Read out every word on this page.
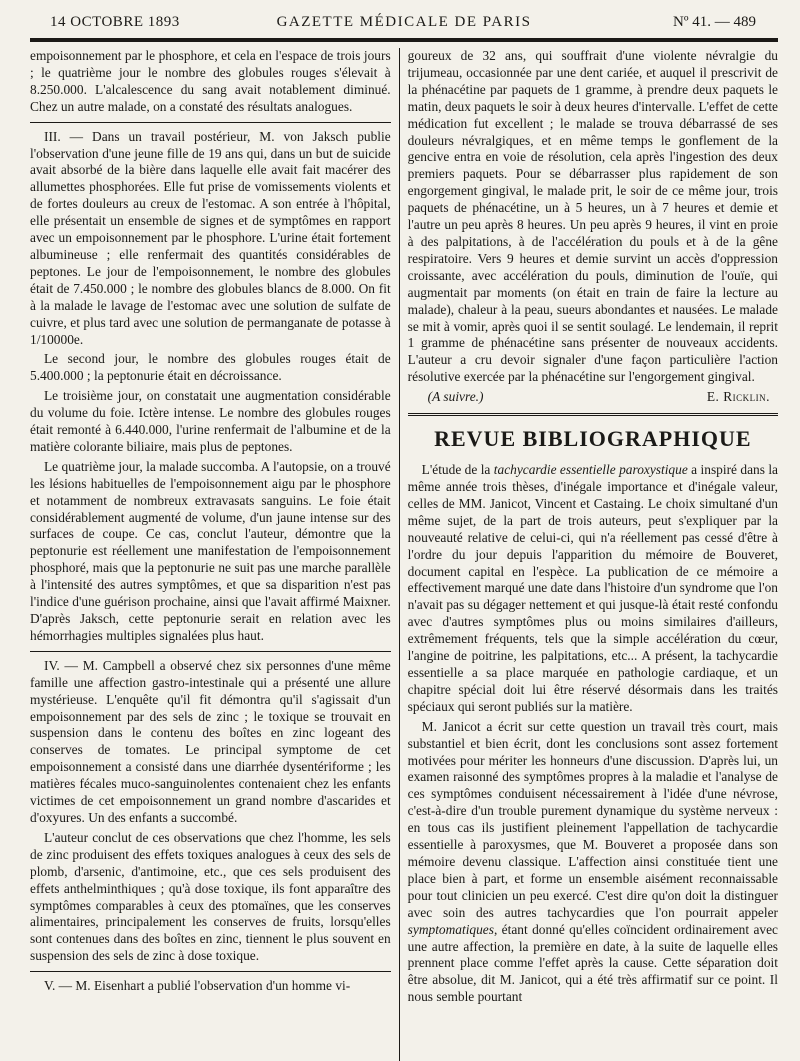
14 OCTOBRE 1893	GAZETTE MÉDICALE DE PARIS	Nº 41. — 489

empoisonnement par le phosphore, et cela en l'espace de trois jours ; le quatrième jour le nombre des globules rouges s'élevait à 8.250.000. L'alcalescence du sang avait notablement diminué. Chez un autre malade, on a constaté des résultats analogues.

III. — Dans un travail postérieur, M. von Jaksch publie l'observation d'une jeune fille de 19 ans qui, dans un but de suicide avait absorbé de la bière dans laquelle elle avait fait macérer des allumettes phosphorées. Elle fut prise de vomissements violents et de fortes douleurs au creux de l'estomac. A son entrée à l'hôpital, elle présentait un ensemble de signes et de symptômes en rapport avec un empoisonnement par le phosphore. L'urine était fortement albumineuse ; elle renfermait des quantités considérables de peptones. Le jour de l'empoisonnement, le nombre des globules était de 7.450.000 ; le nombre des globules blancs de 8.000. On fit à la malade le lavage de l'estomac avec une solution de sulfate de cuivre, et plus tard avec une solution de permanganate de potasse à 1/10000e.

Le second jour, le nombre des globules rouges était de 5.400.000 ; la peptonurie était en décroissance.

Le troisième jour, on constatait une augmentation considérable du volume du foie. Ictère intense. Le nombre des globules rouges était remonté à 6.440.000, l'urine renfermait de l'albumine et de la matière colorante biliaire, mais plus de peptones.

Le quatrième jour, la malade succomba. A l'autopsie, on a trouvé les lésions habituelles de l'empoisonnement aigu par le phosphore et notamment de nombreux extravasats sanguins. Le foie était considérablement augmenté de volume, d'un jaune intense sur des surfaces de coupe. Ce cas, conclut l'auteur, démontre que la peptonurie est réellement une manifestation de l'empoisonnement phosphoré, mais que la peptonurie ne suit pas une marche parallèle à l'intensité des autres symptômes, et que sa disparition n'est pas l'indice d'une guérison prochaine, ainsi que l'avait affirmé Maixner. D'après Jaksch, cette peptonurie serait en relation avec les hémorrhagies multiples signalées plus haut.

IV. — M. Campbell a observé chez six personnes d'une même famille une affection gastro-intestinale qui a présenté une allure mystérieuse. L'enquête qu'il fit démontra qu'il s'agissait d'un empoisonnement par des sels de zinc ; le toxique se trouvait en suspension dans le contenu des boîtes en zinc logeant des conserves de tomates. Le principal symptome de cet empoisonnement a consisté dans une diarrhée dysentériforme ; les matières fécales muco-sanguinolentes contenaient chez les enfants victimes de cet empoisonnement un grand nombre d'ascarides et d'oxyures. Un des enfants a succombé.

L'auteur conclut de ces observations que chez l'homme, les sels de zinc produisent des effets toxiques analogues à ceux des sels de plomb, d'arsenic, d'antimoine, etc., que ces sels produisent des effets anthelminthiques ; qu'à dose toxique, ils font apparaître des symptômes comparables à ceux des ptomaïnes, que les conserves alimentaires, principalement les conserves de fruits, lorsqu'elles sont contenues dans des boîtes en zinc, tiennent le plus souvent en suspension des sels de zinc à dose toxique.

V. — M. Eisenhart a publié l'observation d'un homme vi-

goureux de 32 ans, qui souffrait d'une violente névralgie du trijumeau, occasionnée par une dent cariée, et auquel il prescrivit de la phénacétine par paquets de 1 gramme, à prendre deux paquets le matin, deux paquets le soir à deux heures d'intervalle. L'effet de cette médication fut excellent ; le malade se trouva débarrassé de ses douleurs névralgiques, et en même temps le gonflement de la gencive entra en voie de résolution, cela après l'ingestion des deux premiers paquets. Pour se débarrasser plus rapidement de son engorgement gingival, le malade prit, le soir de ce même jour, trois paquets de phénacétine, un à 5 heures, un à 7 heures et demie et l'autre un peu après 8 heures. Un peu après 9 heures, il vint en proie à des palpitations, à de l'accélération du pouls et à de la gêne respiratoire. Vers 9 heures et demie survint un accès d'oppression croissante, avec accélération du pouls, diminution de l'ouïe, qui augmentait par moments (on était en train de faire la lecture au malade), chaleur à la peau, sueurs abondantes et nausées. Le malade se mit à vomir, après quoi il se sentit soulagé. Le lendemain, il reprit 1 gramme de phénacétine sans présenter de nouveaux accidents. L'auteur a cru devoir signaler d'une façon particulière l'action résolutive exercée par la phénacétine sur l'engorgement gingival.

(A suivre.)	E. Ricklin.
REVUE BIBLIOGRAPHIQUE

L'étude de la tachycardie essentielle paroxystique a inspiré dans la même année trois thèses, d'inégale importance et d'inégale valeur, celles de MM. Janicot, Vincent et Castaing. Le choix simultané d'un même sujet, de la part de trois auteurs, peut s'expliquer par la nouveauté relative de celui-ci, qui n'a réellement pas cessé d'être à l'ordre du jour depuis l'apparition du mémoire de Bouveret, document capital en l'espèce. La publication de ce mémoire a effectivement marqué une date dans l'histoire d'un syndrome que l'on n'avait pas su dégager nettement et qui jusque-là était resté confondu avec d'autres symptômes plus ou moins similaires d'ailleurs, extrêmement fréquents, tels que la simple accélération du cœur, l'angine de poitrine, les palpitations, etc... A présent, la tachycardie essentielle a sa place marquée en pathologie cardiaque, et un chapitre spécial doit lui être réservé désormais dans les traités spéciaux qui seront publiés sur la matière.

M. Janicot a écrit sur cette question un travail très court, mais substantiel et bien écrit, dont les conclusions sont assez fortement motivées pour mériter les honneurs d'une discussion. D'après lui, un examen raisonné des symptômes propres à la maladie et l'analyse de ces symptômes conduisent nécessairement à l'idée d'une névrose, c'est-à-dire d'un trouble purement dynamique du système nerveux : en tous cas ils justifient pleinement l'appellation de tachycardie essentielle à paroxysmes, que M. Bouveret a proposée dans son mémoire devenu classique. L'affection ainsi constituée tient une place bien à part, et forme un ensemble aisément reconnaissable pour tout clinicien un peu exercé. C'est dire qu'on doit la distinguer avec soin des autres tachycardies que l'on pourrait appeler symptomatiques, étant donné qu'elles coïncident ordinairement avec une autre affection, la première en date, à la suite de laquelle elles prennent place comme l'effet après la cause. Cette séparation doit être absolue, dit M. Janicot, qui a été très affirmatif sur ce point. Il nous semble pourtant
